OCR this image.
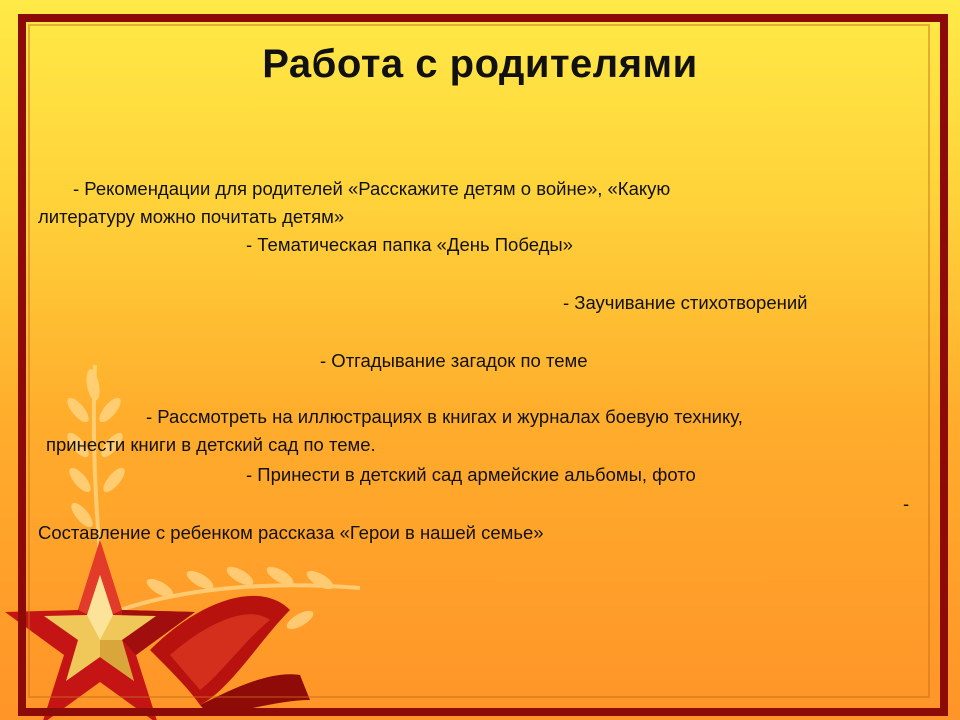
Работа с родителями
- Рекомендации для родителей «Расскажите детям о войне», «Какую
литературу можно почитать детям»
- Тематическая папка «День Победы»
- Заучивание стихотворений
- Отгадывание загадок по теме
- Рассмотреть на иллюстрациях в книгах и журналах боевую технику,
принести книги в детский сад по теме.
- Принести в детский сад армейские альбомы, фото
-
Составление с ребенком рассказа «Герои в нашей семье»
